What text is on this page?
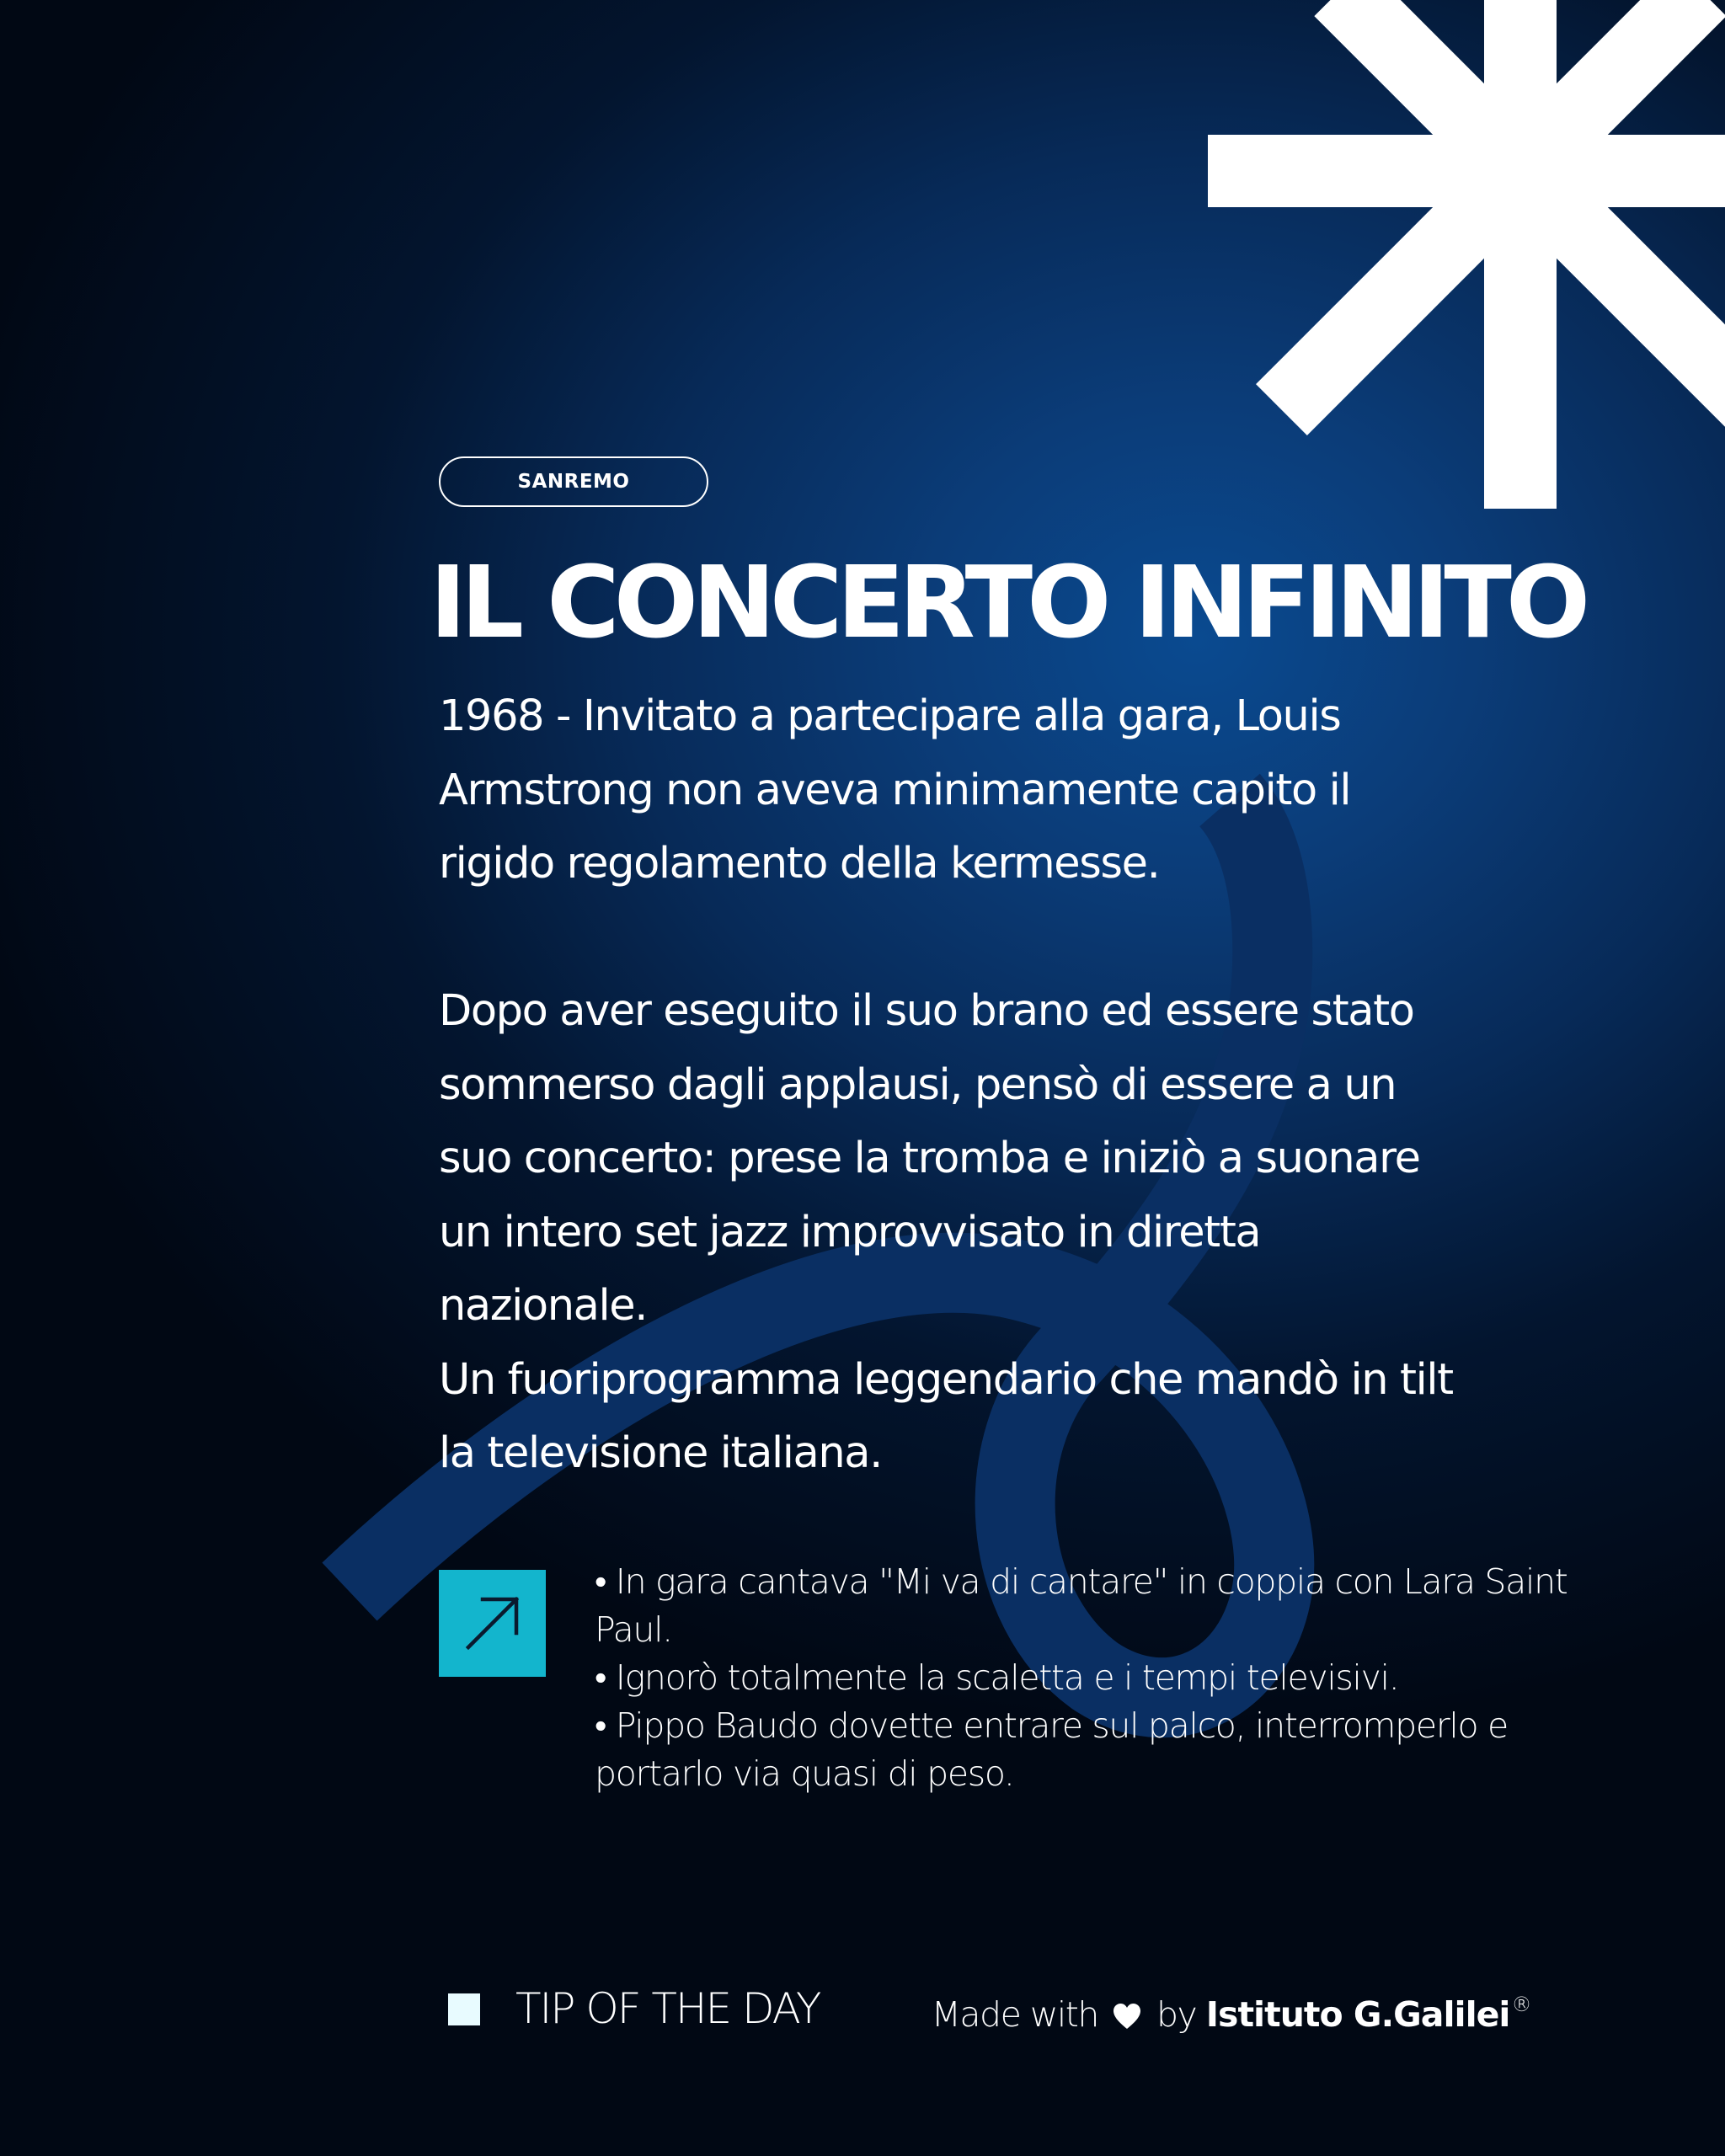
SANREMO
IL CONCERTO INFINITO

1968 - Invitato a partecipare alla gara, Louis

Armstrong non aveva minimamente capito il

rigido regolamento della kermesse.

Dopo aver eseguito il suo brano ed essere stato

sommerso dagli applausi, pensò di essere a un

suo concerto: prese la tromba e iniziò a suonare

un intero set jazz improvvisato in diretta

nazionale.

Un fuoriprogramma leggendario che mandò in tilt

la televisione italiana.

• In gara cantava "Mi va di cantare" in coppia con Lara Saint Paul.

• Ignorò totalmente la scaletta e i tempi televisivi.

• Pippo Baudo dovette entrare sul palco, interromperlo e portarlo via quasi di peso.

TIP OF THE DAY	Made with by Istituto G.Galilei®
